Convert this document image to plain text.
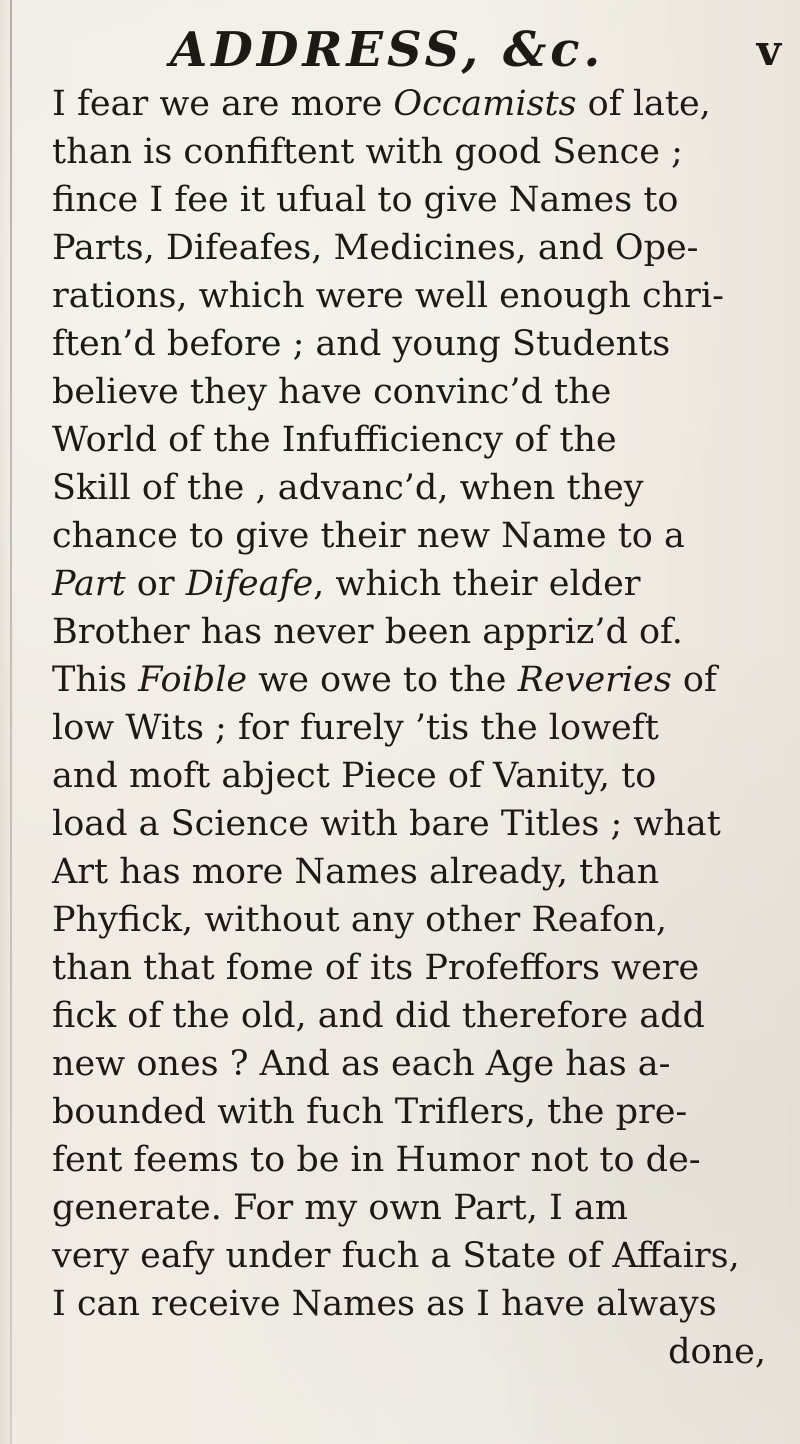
ADDRESS, &c.	v
I fear we are more Occamists of late,
than is confiftent with good Sence ;
fince I fee it ufual to give Names to
Parts, Difeafes, Medicines, and Ope-
rations, which were well enough chri-
ften’d before ; and young Students
believe they have convinc’d the
World of the Infufficiency of the
Skill of the , advanc’d, when they
chance to give their new Name to a
Part or Difeafe, which their elder
Brother has never been appriz’d of.
This Foible we owe to the Reveries of
low Wits ; for furely ’tis the loweft
and moft abject Piece of Vanity, to
load a Science with bare Titles ; what
Art has more Names already, than
Phyfick, without any other Reafon,
than that fome of its Profeffors were
fick of the old, and did therefore add
new ones ? And as each Age has a-
bounded with fuch Triflers, the pre-
fent feems to be in Humor not to de-
generate. For my own Part, I am
very eafy under fuch a State of Affairs,
I can receive Names as I have always
done,
